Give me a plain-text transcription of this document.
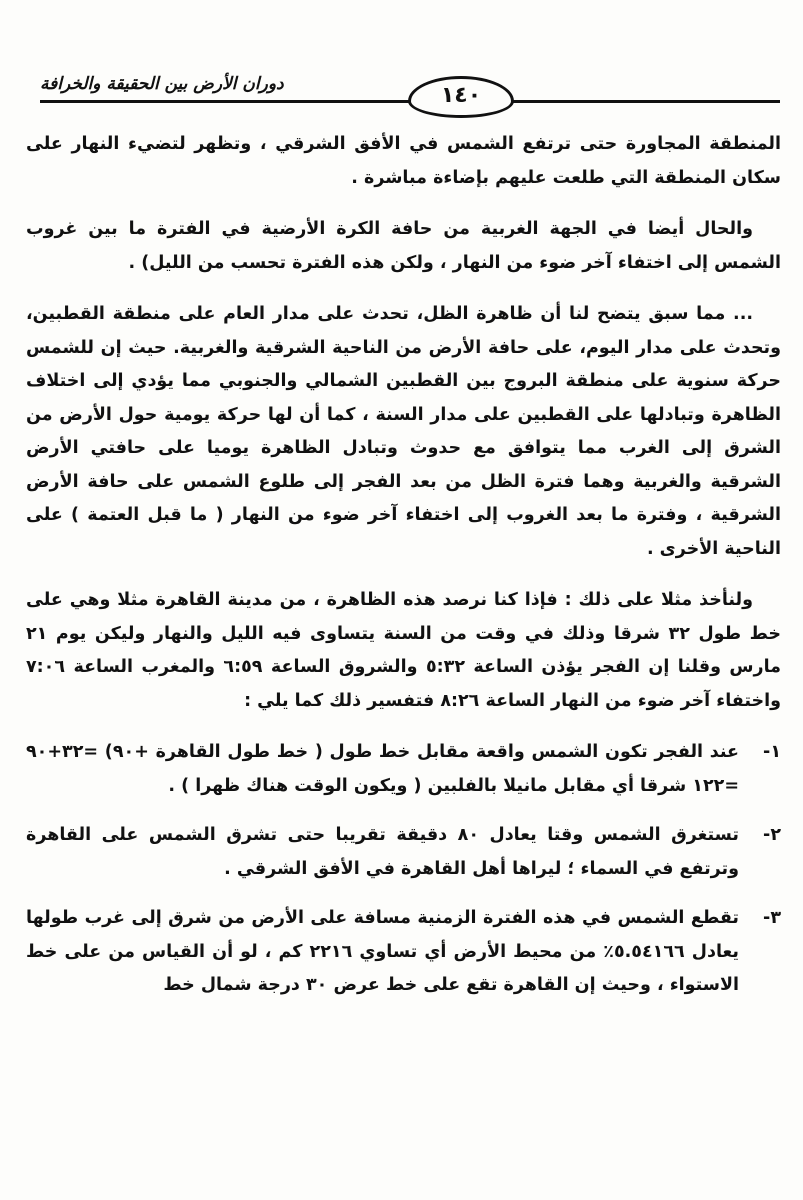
دوران الأرض بين الحقيقة والخرافة	١٤٠

المنطقة المجاورة حتى ترتفع الشمس في الأفق الشرقي ، وتظهر لتضيء النهار على سكان المنطقة التي طلعت عليهم بإضاءة مباشرة .

والحال أيضا في الجهة الغربية من حافة الكرة الأرضية في الفترة ما بين غروب الشمس إلى اختفاء آخر ضوء من النهار ، ولكن هذه الفترة تحسب من الليل) .

... مما سبق يتضح لنا أن ظاهرة الظل، تحدث على مدار العام على منطقة القطبين، وتحدث على مدار اليوم، على حافة الأرض من الناحية الشرقية والغربية. حيث إن للشمس حركة سنوية على منطقة البروج بين القطبين الشمالي والجنوبي مما يؤدي إلى اختلاف الظاهرة وتبادلها على القطبين على مدار السنة ، كما أن لها حركة يومية حول الأرض من الشرق إلى الغرب مما يتوافق مع حدوث وتبادل الظاهرة يوميا على حافتي الأرض الشرقية والغربية وهما فترة الظل من بعد الفجر إلى طلوع الشمس على حافة الأرض الشرقية ، وفترة ما بعد الغروب إلى اختفاء آخر ضوء من النهار ( ما قبل العتمة ) على الناحية الأخرى .

ولنأخذ مثلا على ذلك : فإذا كنا نرصد هذه الظاهرة ، من مدينة القاهرة مثلا وهي على خط طول ٣٢ شرقا وذلك في وقت من السنة يتساوى فيه الليل والنهار وليكن يوم ٢١ مارس وقلنا إن الفجر يؤذن الساعة ٥:٣٢ والشروق الساعة ٦:٥٩ والمغرب الساعة ٧:٠٦ واختفاء آخر ضوء من النهار الساعة ٨:٢٦ فتفسير ذلك كما يلي :

١-
عند الفجر تكون الشمس واقعة مقابل خط طول ( خط طول القاهرة +٩٠) =٣٢+٩٠ =١٢٢ شرقا أي مقابل مانيلا بالفلبين ( ويكون الوقت هناك ظهرا ) .
٢-
تستغرق الشمس وقتا يعادل ٨٠ دقيقة تقريبا حتى تشرق الشمس على القاهرة وترتفع في السماء ؛ ليراها أهل القاهرة في الأفق الشرقي .
٣-
تقطع الشمس في هذه الفترة الزمنية مسافة على الأرض من شرق إلى غرب طولها يعادل ٥.٥٤١٦٦٪ من محيط الأرض أي تساوي ٢٢١٦ كم ، لو أن القياس من على خط الاستواء ، وحيث إن القاهرة تقع على خط عرض ٣٠ درجة شمال خط
